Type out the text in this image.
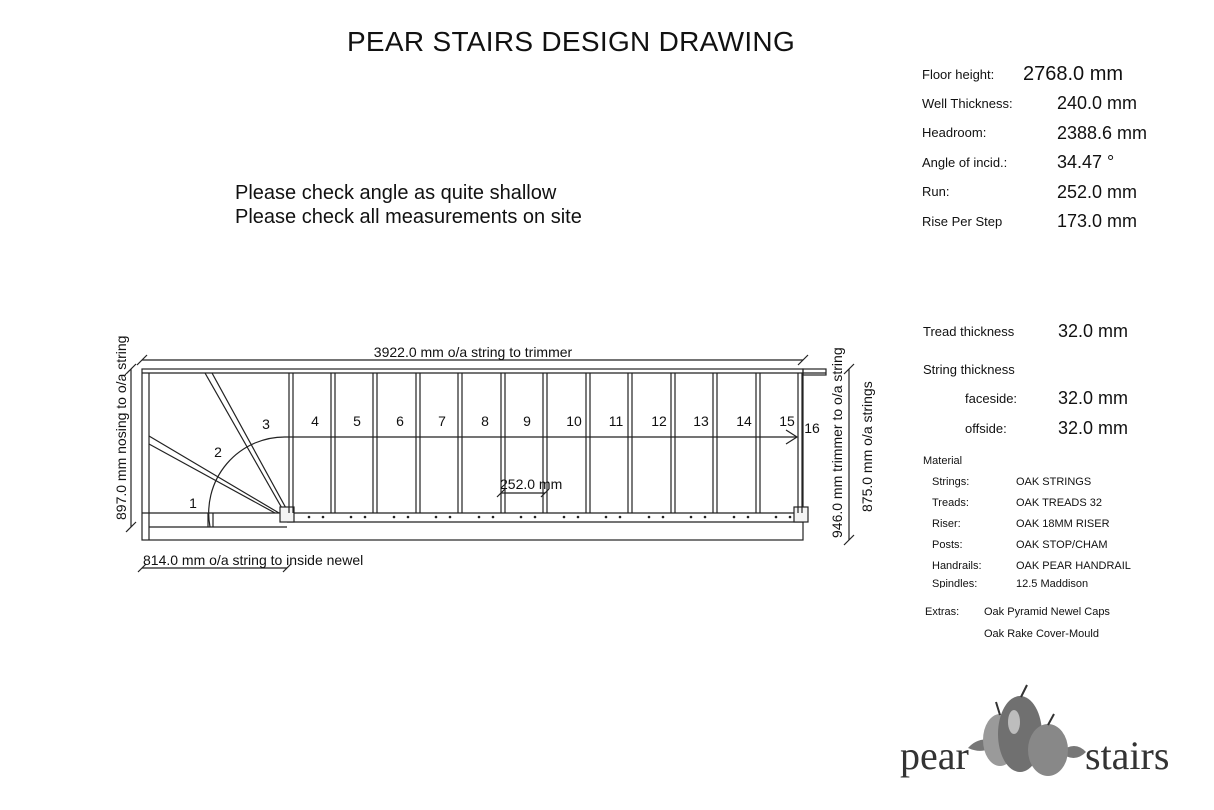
PEAR STAIRS DESIGN DRAWING
Please check angle as quite shallow
Please check all measurements on site
Floor height: 2768.0 mm
Well Thickness: 240.0 mm
Headroom:	2388.6 mm
Angle of incid.:	34.47 °
Run:	252.0 mm
Rise Per Step	173.0 mm
Tread thickness 32.0 mm
String thickness
faceside: 32.0 mm
offside:	32.0 mm
Material
Strings:	OAK STRINGS
Treads:	OAK TREADS 32
Riser:	OAK 18MM RISER
Posts:	OAK STOP/CHAM
Handrails:	OAK PEAR HANDRAIL
Spindles:	12.5 Maddison
Extras: Oak Pyramid Newel Caps
Oak Rake Cover-Mould
3922.0 mm o/a string to trimmer
814.0 mm o/a string to inside newel
252.0 mm
897.0 mm nosing to o/a string	946.0 mm trimmer to o/a string 875.0 mm o/a strings
1
2
3	4 5	6 7	8 9	10 11 12 13 14 15 16
pear	stairs
